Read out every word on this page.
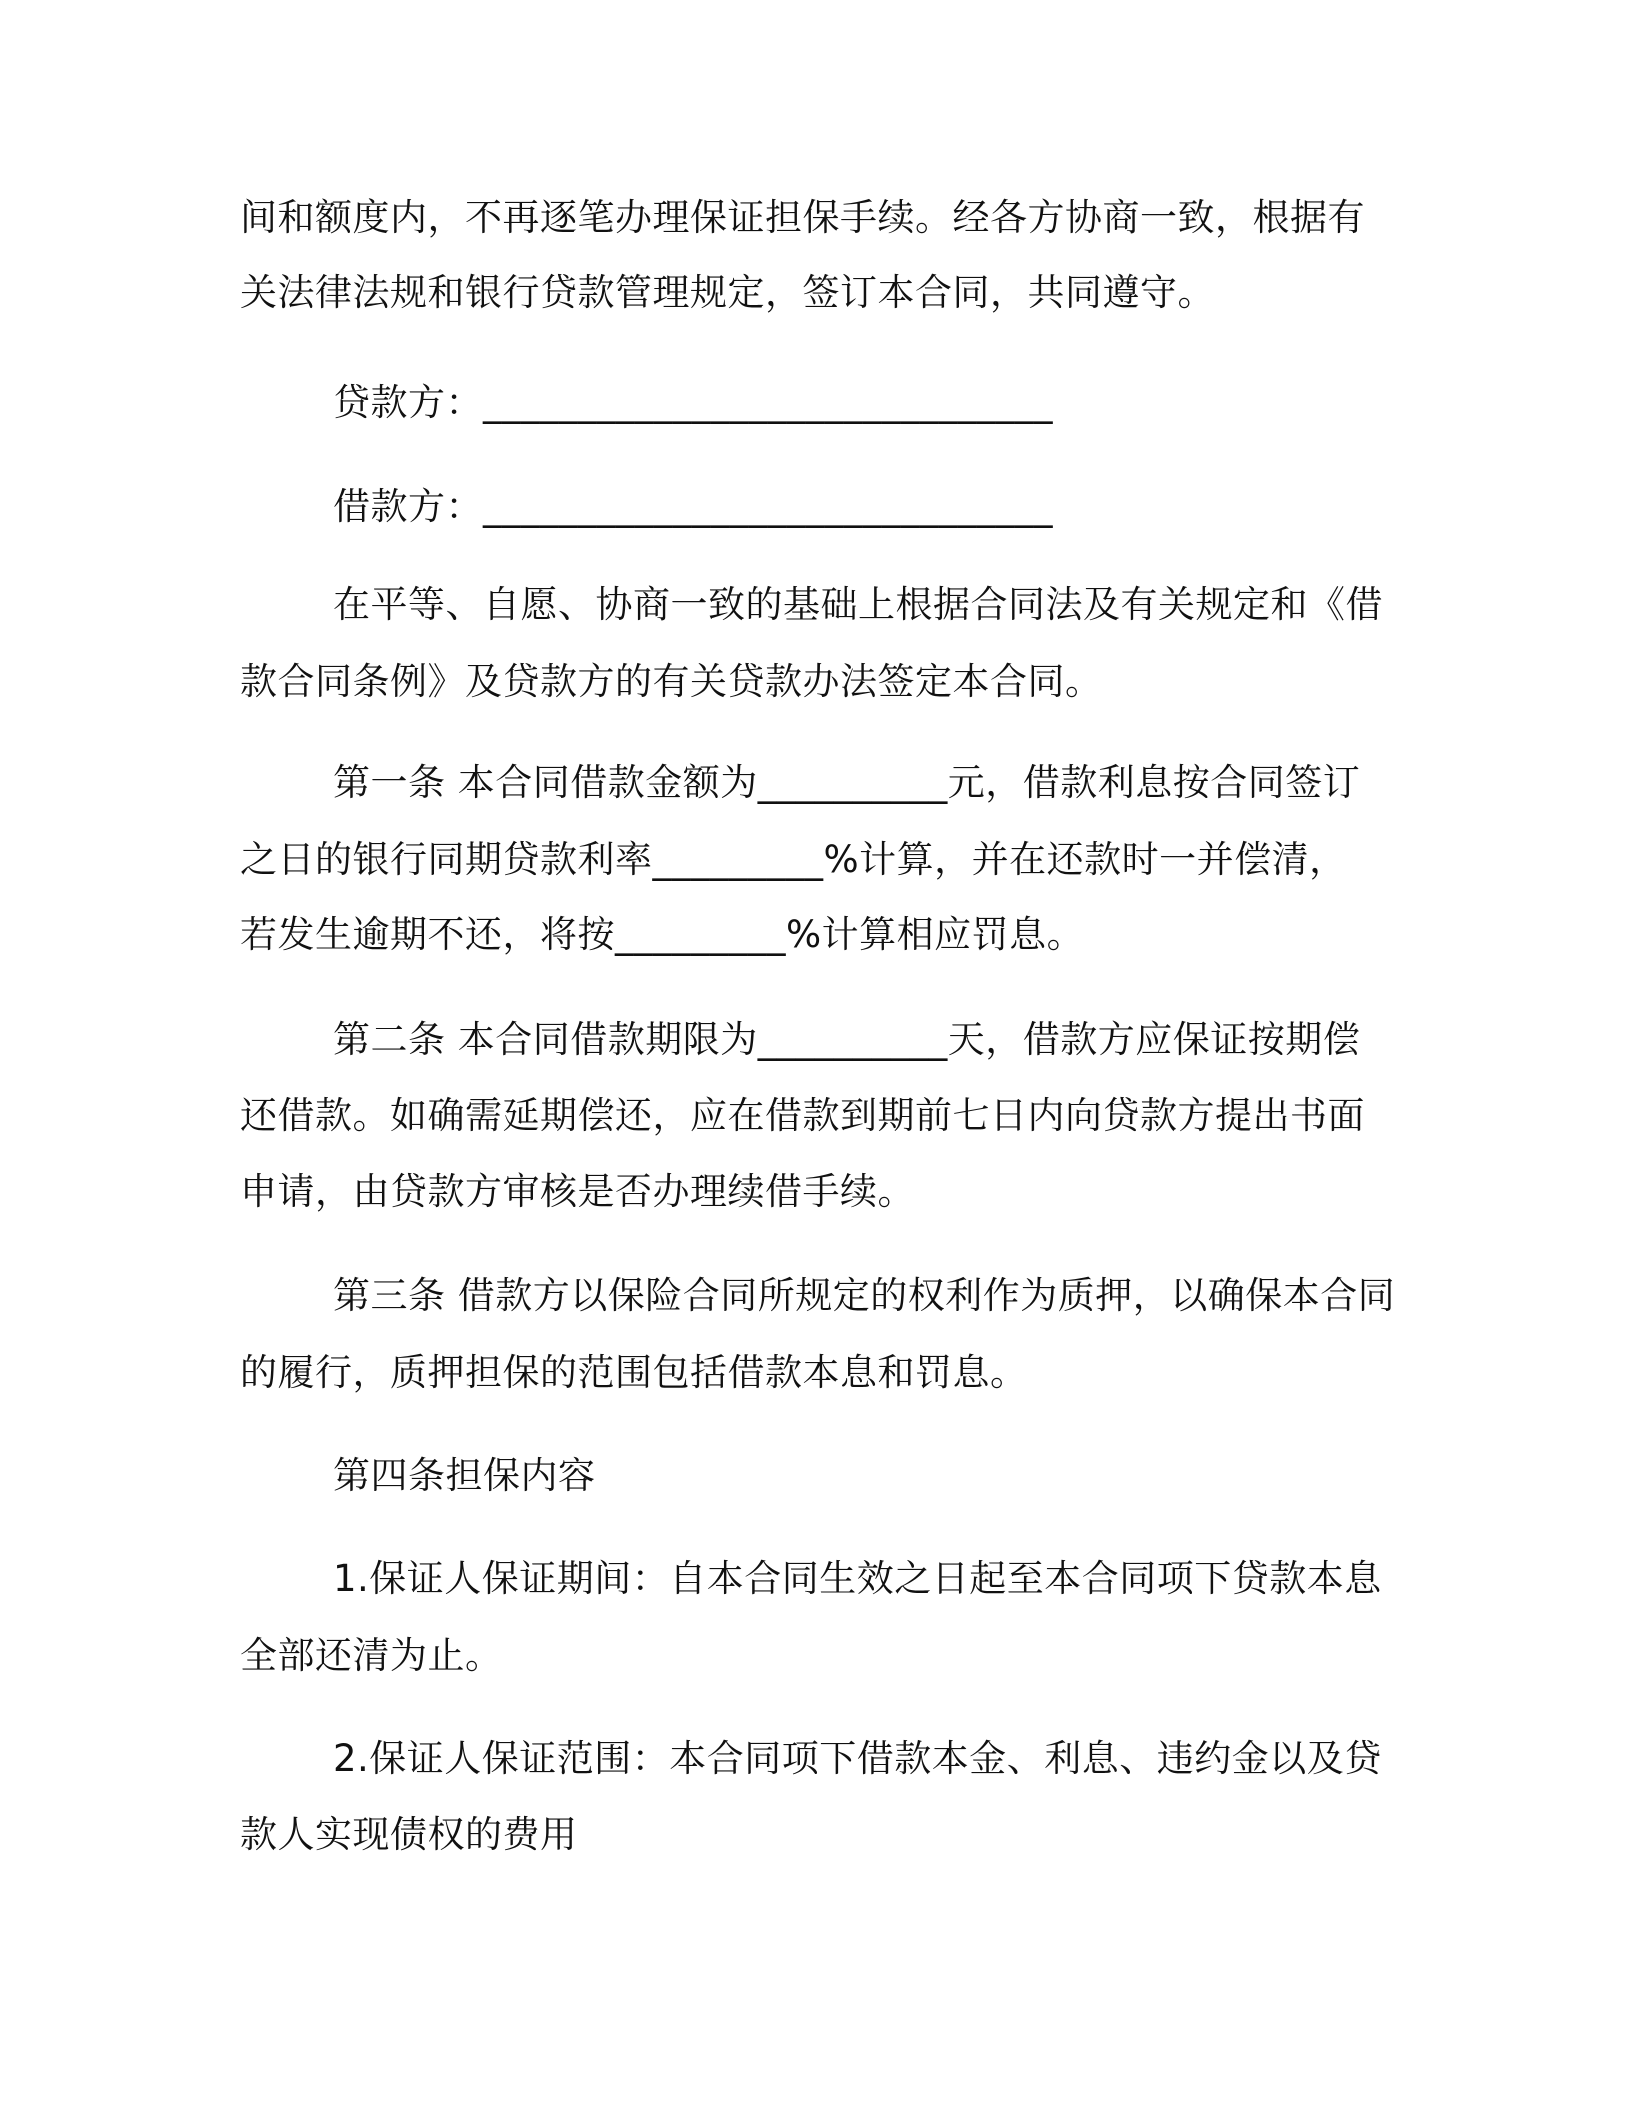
间和额度内，不再逐笔办理保证担保手续。经各方协商一致，根据有
关法律法规和银行贷款管理规定，签订本合同，共同遵守。
贷款方：______________________________
借款方：______________________________
在平等、自愿、协商一致的基础上根据合同法及有关规定和《借
款合同条例》及贷款方的有关贷款办法签定本合同。
第一条 本合同借款金额为__________元，借款利息按合同签订
之日的银行同期贷款利率_________%计算，并在还款时一并偿清，
若发生逾期不还，将按_________%计算相应罚息。
第二条 本合同借款期限为__________天，借款方应保证按期偿
还借款。如确需延期偿还，应在借款到期前七日内向贷款方提出书面
申请，由贷款方审核是否办理续借手续。
第三条 借款方以保险合同所规定的权利作为质押，以确保本合同
的履行，质押担保的范围包括借款本息和罚息。
第四条担保内容
1.保证人保证期间：自本合同生效之日起至本合同项下贷款本息
全部还清为止。
2.保证人保证范围：本合同项下借款本金、利息、违约金以及贷
款人实现债权的费用
